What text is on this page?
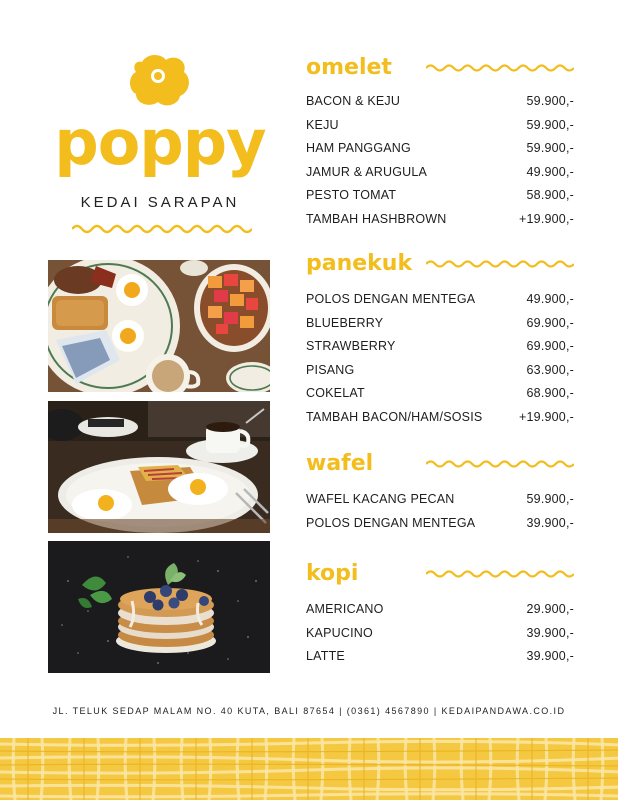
poppy
KEDAI SARAPAN
omelet
BACON & KEJU	59.900,-
KEJU	59.900,-
HAM PANGGANG	59.900,-
JAMUR & ARUGULA	49.900,-
PESTO TOMAT	58.900,-
TAMBAH HASHBROWN	+19.900,-
panekuk
POLOS DENGAN MENTEGA	49.900,-
BLUEBERRY	69.900,-
STRAWBERRY	69.900,-
PISANG	63.900,-
COKELAT	68.900,-
TAMBAH BACON/HAM/SOSIS	+19.900,-
wafel
WAFEL KACANG PECAN	59.900,-
POLOS DENGAN MENTEGA	39.900,-
kopi
AMERICANO	29.900,-
KAPUCINO	39.900,-
LATTE	39.900,-
JL. TELUK SEDAP MALAM NO. 40 KUTA, BALI 87654 | (0361) 4567890 | KEDAIPANDAWA.CO.ID
